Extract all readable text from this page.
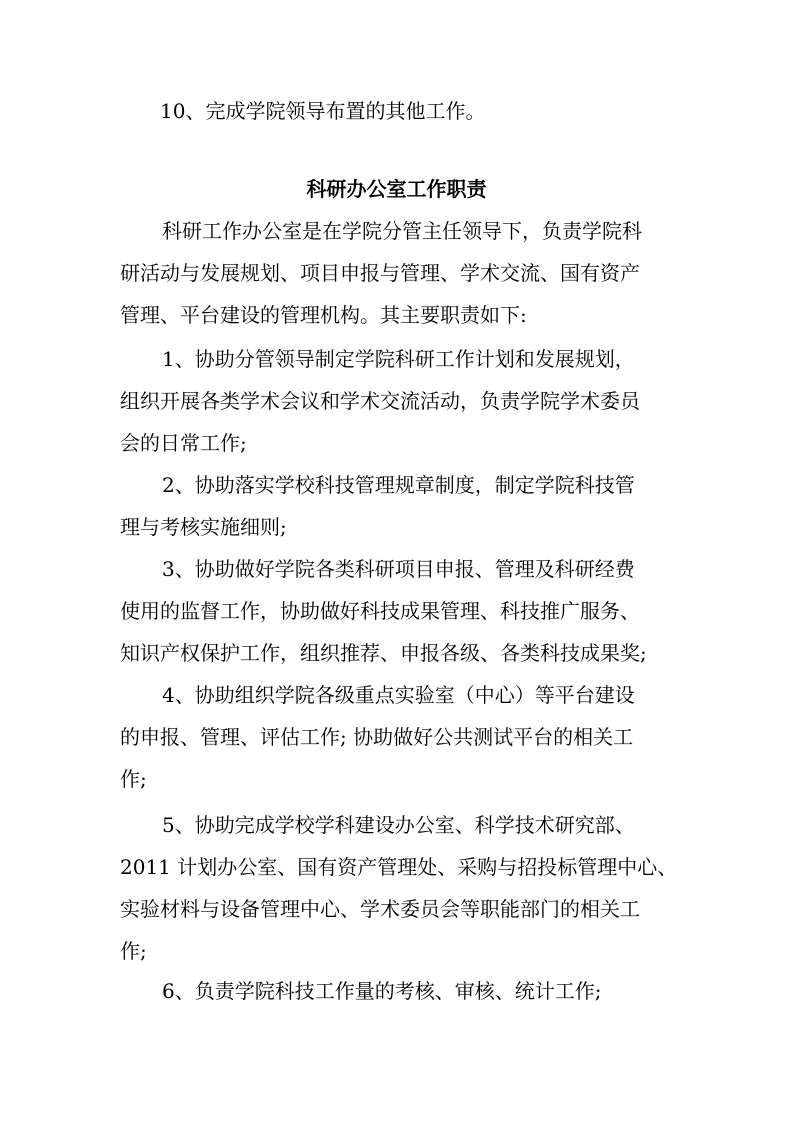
10、完成学院领导布置的其他工作。
科研办公室工作职责
科研工作办公室是在学院分管主任领导下，负责学院科
研活动与发展规划、项目申报与管理、学术交流、国有资产
管理、平台建设的管理机构。其主要职责如下:
1、协助分管领导制定学院科研工作计划和发展规划，
组织开展各类学术会议和学术交流活动，负责学院学术委员
会的日常工作;
2、协助落实学校科技管理规章制度，制定学院科技管
理与考核实施细则;
3、协助做好学院各类科研项目申报、管理及科研经费
使用的监督工作，协助做好科技成果管理、科技推广服务、
知识产权保护工作，组织推荐、申报各级、各类科技成果奖;
4、协助组织学院各级重点实验室（中心）等平台建设
的申报、管理、评估工作; 协助做好公共测试平台的相关工
作;
5、协助完成学校学科建设办公室、科学技术研究部、
2011 计划办公室、国有资产管理处、采购与招投标管理中心、
实验材料与设备管理中心、学术委员会等职能部门的相关工
作;
6、负责学院科技工作量的考核、审核、统计工作;
